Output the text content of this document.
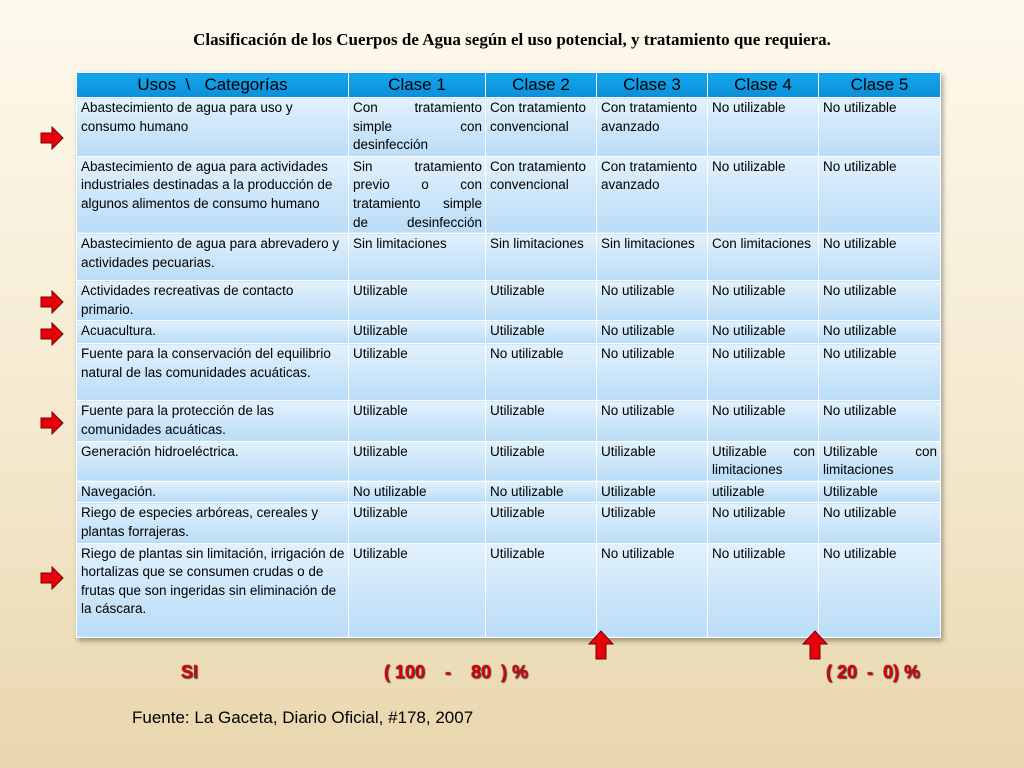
Clasificación de los Cuerpos de Agua según el uso potencial, y tratamiento que requiera.
Usos  \   Categorías	Clase 1	Clase 2	Clase 3	Clase 4	Clase 5
Abastecimiento de agua para uso y consumo humano	Con tratamiento simple con desinfección	Con tratamiento convencional	Con tratamiento avanzado	No utilizable	No utilizable
Abastecimiento de agua para actividades industriales destinadas a la producción de algunos alimentos de consumo humano	Sin tratamiento previo o con tratamiento simple de desinfección	Con tratamiento convencional	Con tratamiento avanzado	No utilizable	No utilizable
Abastecimiento de agua para abrevadero y actividades pecuarias.	Sin limitaciones	Sin limitaciones	Sin limitaciones	Con limitaciones	No utilizable
Actividades recreativas de contacto primario.	Utilizable	Utilizable	No utilizable	No utilizable	No utilizable
Acuacultura.	Utilizable	Utilizable	No utilizable	No utilizable	No utilizable
Fuente para la conservación del equilibrio natural de las comunidades acuáticas.	Utilizable	No utilizable	No utilizable	No utilizable	No utilizable
Fuente para la protección de las comunidades acuáticas.	Utilizable	Utilizable	No utilizable	No utilizable	No utilizable
Generación hidroeléctrica.	Utilizable	Utilizable	Utilizable	Utilizable con limitaciones	Utilizable con limitaciones
Navegación.	No utilizable	No utilizable	Utilizable	utilizable	Utilizable
Riego de especies arbóreas, cereales y plantas forrajeras.	Utilizable	Utilizable	Utilizable	No utilizable	No utilizable
Riego de plantas sin limitación, irrigación de hortalizas que se consumen crudas o de frutas que son ingeridas sin eliminación de la cáscara.	Utilizable	Utilizable	No utilizable	No utilizable	No utilizable
SI	( 100    -    80  ) %	( 20  -  0) %
Fuente: La Gaceta, Diario Oficial, #178, 2007
